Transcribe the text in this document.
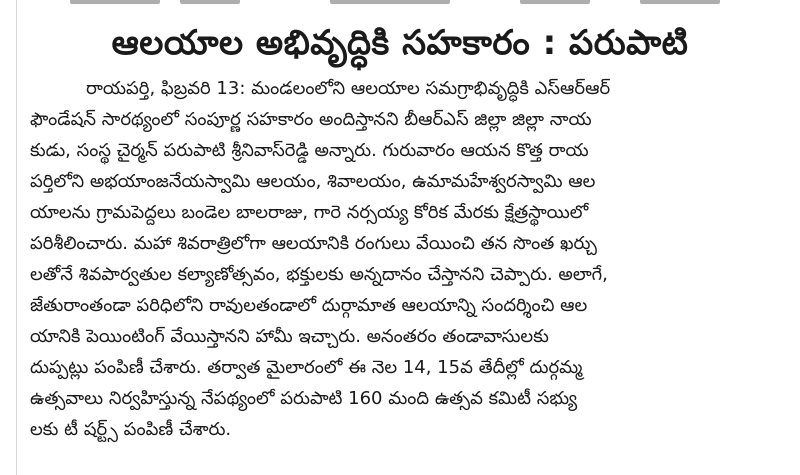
ఆలయాల అభివృద్ధికి సహకారం : పరుపాటి
రాయపర్తి, ఫిబ్రవరి 13: మండలంలోని ఆలయాల సమగ్రాభివృద్ధికి ఎస్‌ఆర్‌ఆర్
ఫౌండేషన్ సారథ్యంలో సంపూర్ణ సహకారం అందిస్తానని బీఆర్‌ఎస్ జిల్లా జిల్లా నాయ
కుడు, సంస్థ చైర్మన్ పరుపాటి శ్రీనివాస్‌రెడ్డి అన్నారు. గురువారం ఆయన కొత్త రాయ
పర్తిలోని అభయాంజనేయస్వామి ఆలయం, శివాలయం, ఉమామహేశ్వరస్వామి ఆల
యాలను గ్రామపెద్దలు బండెల బాలరాజు, గారె నర్సయ్య కోరిక మేరకు క్షేత్రస్థాయిలో
పరిశీలించారు. మహా శివరాత్రిలోగా ఆలయానికి రంగులు వేయించి తన సొంత ఖర్చు
లతోనే శివపార్వతుల కల్యాణోత్సవం, భక్తులకు అన్నదానం చేస్తానని చెప్పారు. అలాగే,
జేతురాంతండా పరిధిలోని రావులతండాలో దుర్గామాత ఆలయాన్ని సందర్శించి ఆల
యానికి పెయింటింగ్ వేయిస్తానని హామీ ఇచ్చారు. అనంతరం తండావాసులకు
దుప్పట్లు పంపిణీ చేశారు. తర్వాత మైలారంలో ఈ నెల 14, 15వ తేదీల్లో దుర్గమ్మ
ఉత్సవాలు నిర్వహిస్తున్న నేపథ్యంలో పరుపాటి 160 మంది ఉత్సవ కమిటీ సభ్యు
లకు టీ షర్ట్స్ పంపిణీ చేశారు.
